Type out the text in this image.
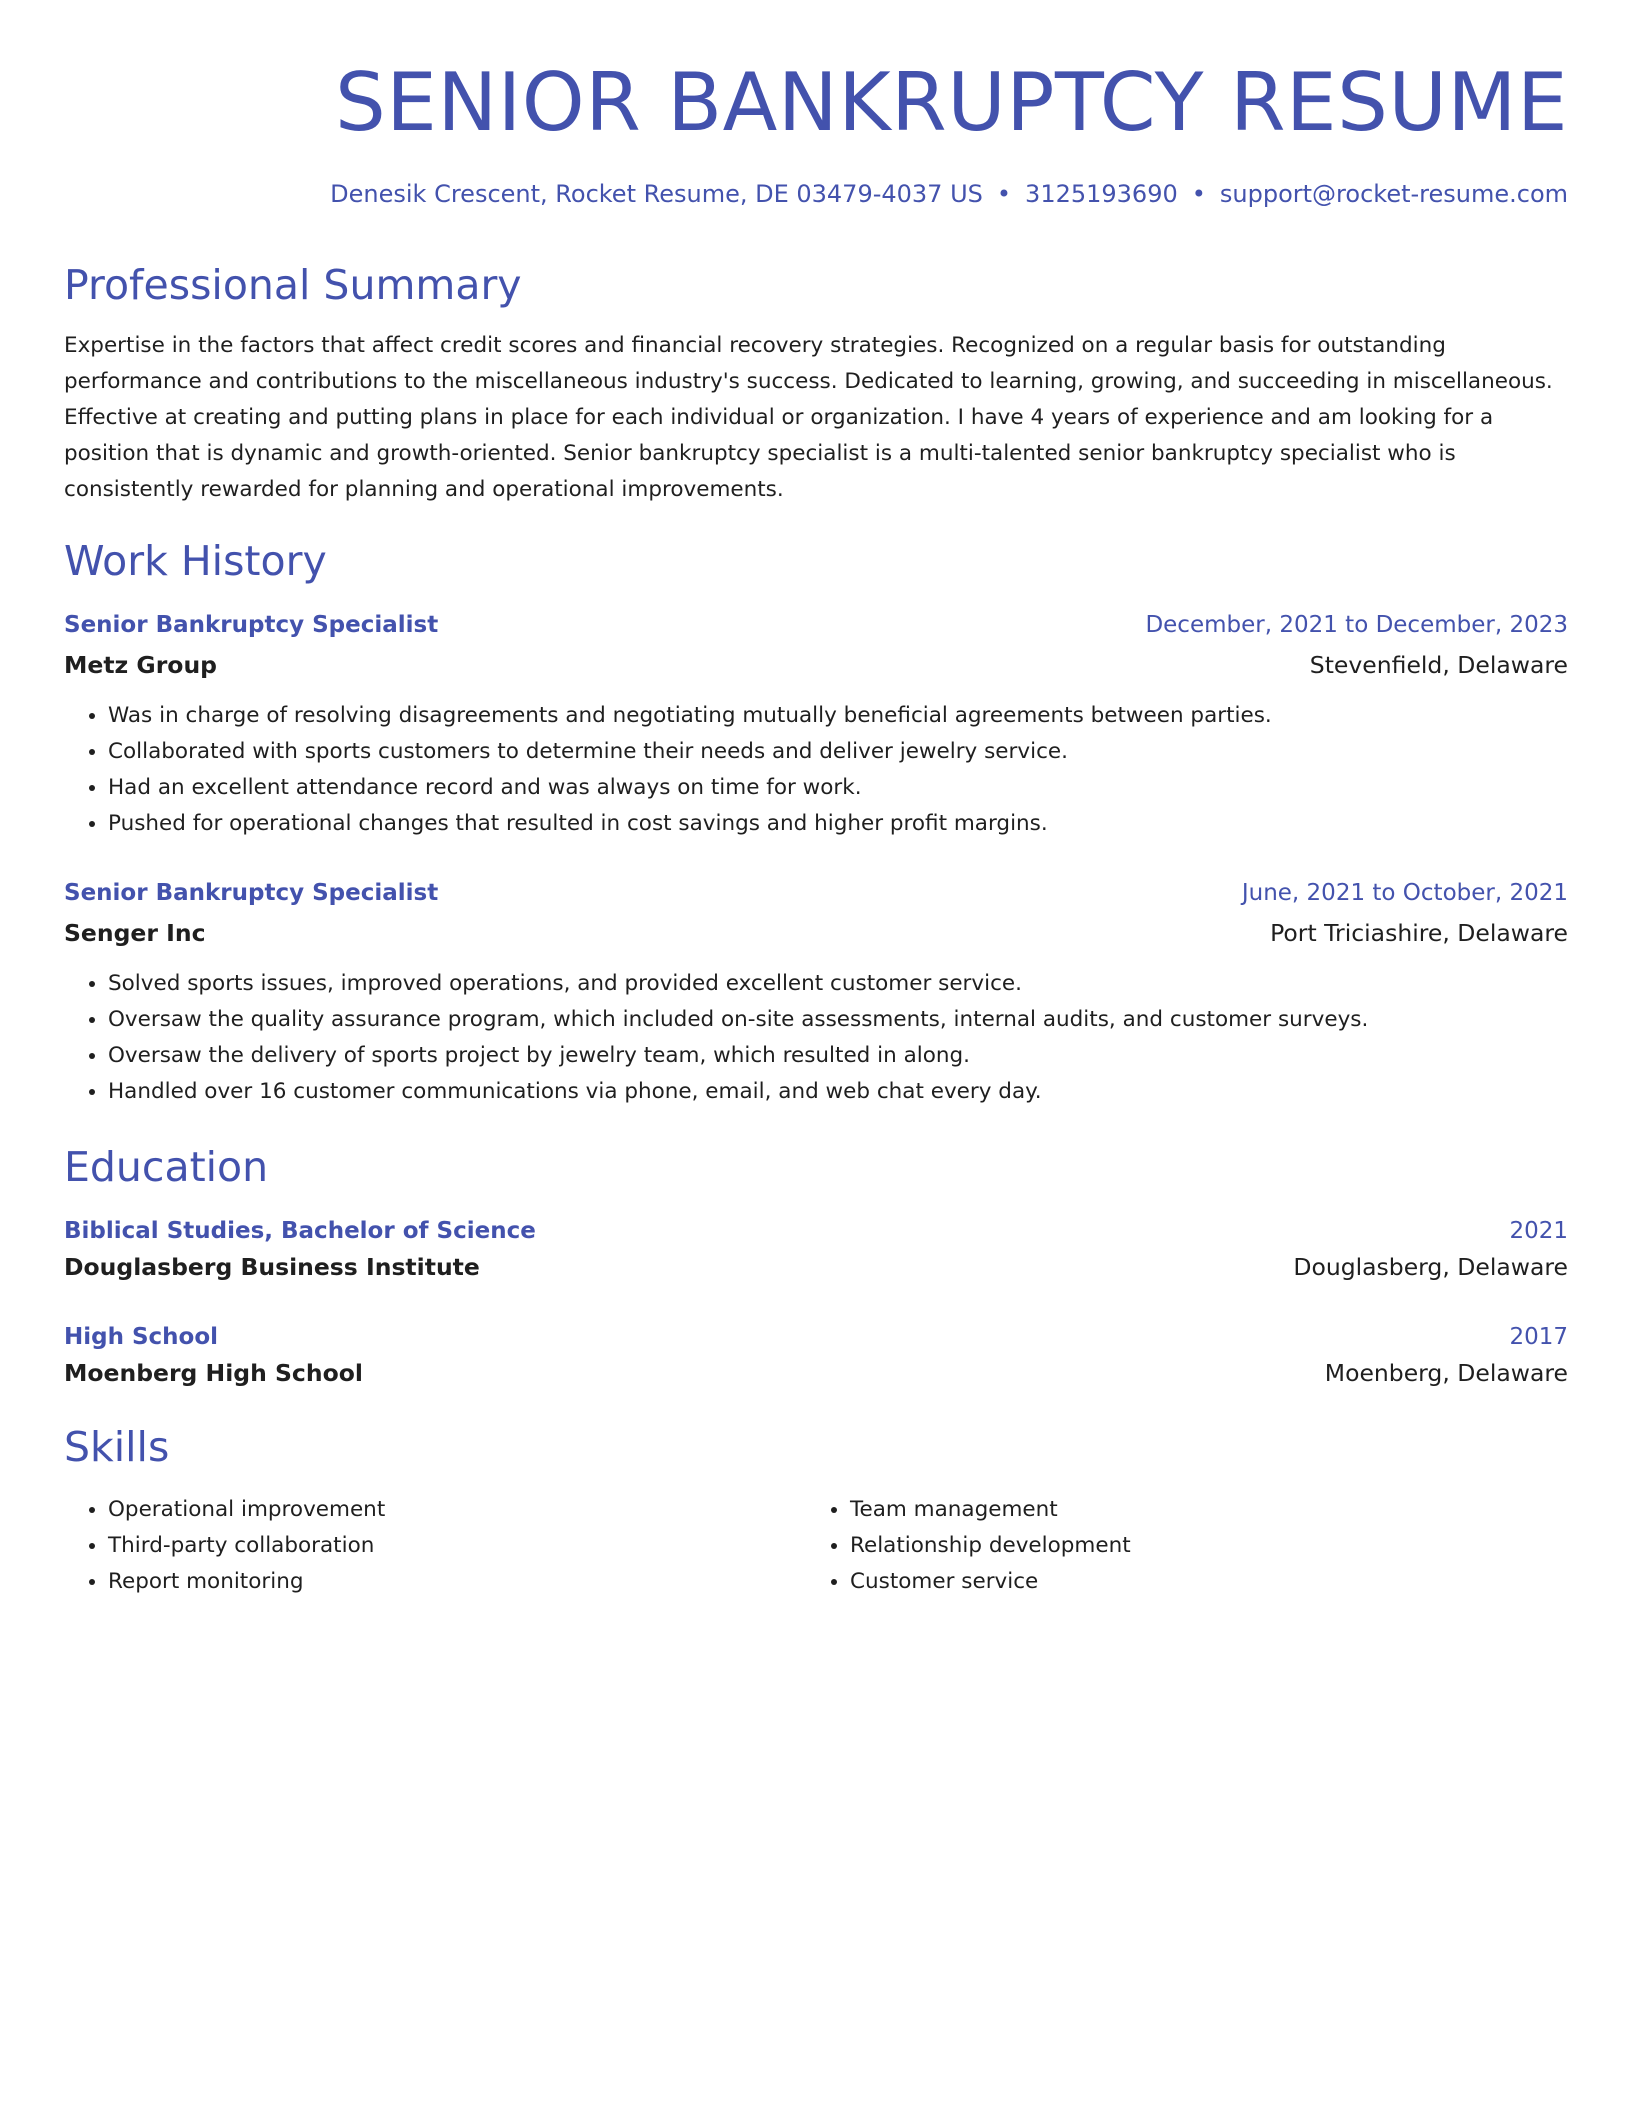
SENIOR BANKRUPTCY RESUME
Denesik Crescent, Rocket Resume, DE 03479-4037 US • 3125193690 • support@rocket-resume.com
Professional Summary

Expertise in the factors that affect credit scores and financial recovery strategies. Recognized on a regular basis for outstanding performance and contributions to the miscellaneous industry's success. Dedicated to learning, growing, and succeeding in miscellaneous. Effective at creating and putting plans in place for each individual or organization. I have 4 years of experience and am looking for a position that is dynamic and growth-oriented. Senior bankruptcy specialist is a multi-talented senior bankruptcy specialist who is consistently rewarded for planning and operational improvements.

Work History
Senior Bankruptcy Specialist	December, 2021 to December, 2023
Metz Group	Stevenfield, Delaware
• Was in charge of resolving disagreements and negotiating mutually beneficial agreements between parties.
• Collaborated with sports customers to determine their needs and deliver jewelry service.
• Had an excellent attendance record and was always on time for work.
• Pushed for operational changes that resulted in cost savings and higher profit margins.
Senior Bankruptcy Specialist	June, 2021 to October, 2021
Senger Inc	Port Triciashire, Delaware
• Solved sports issues, improved operations, and provided excellent customer service.
• Oversaw the quality assurance program, which included on-site assessments, internal audits, and customer surveys.
• Oversaw the delivery of sports project by jewelry team, which resulted in along.
• Handled over 16 customer communications via phone, email, and web chat every day.
Education
Biblical Studies, Bachelor of Science	2021
Douglasberg Business Institute	Douglasberg, Delaware
High School	2017
Moenberg High School	Moenberg, Delaware
Skills
• Operational improvement
• Third-party collaboration
• Report monitoring
• Team management
• Relationship development
• Customer service
